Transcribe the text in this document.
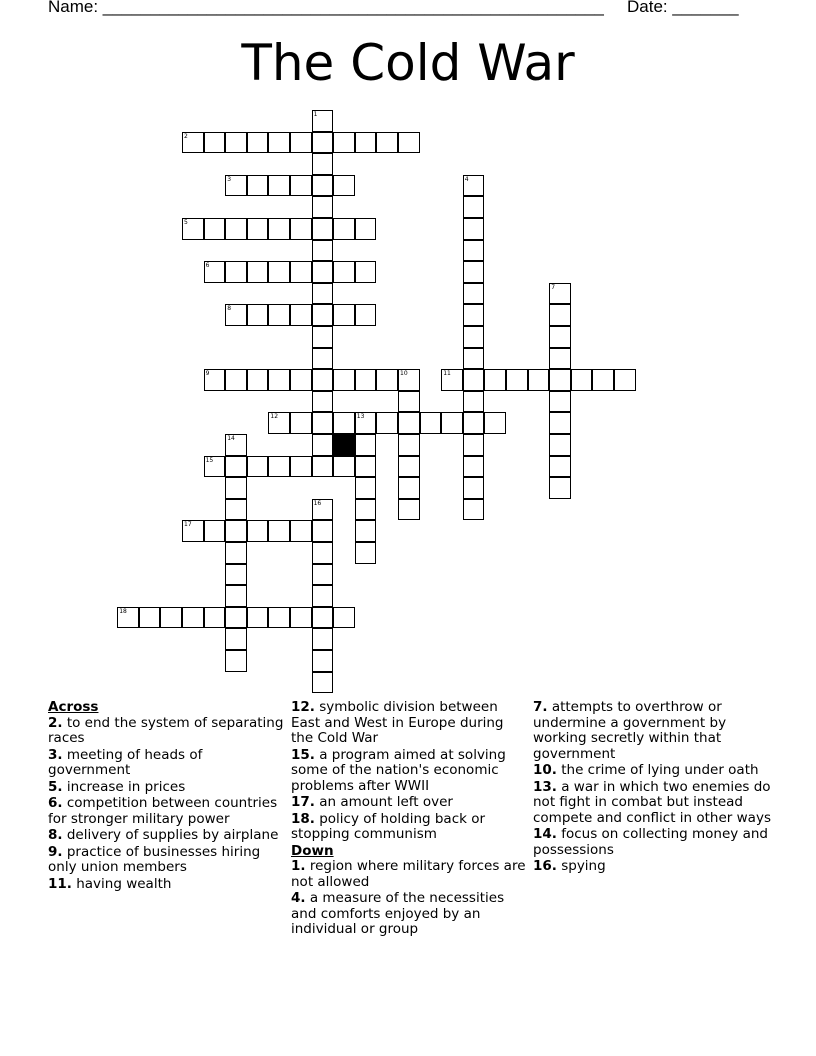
Name: _____________________________________________________ Date: _______
The Cold War
1
2
3	4
5
6
7
8
9	10	11
12	13
14
15
16
17
18
Across
2. to end the system of separating races
3. meeting of heads of government
5. increase in prices
6. competition between countries for stronger military power
8. delivery of supplies by airplane
9. practice of businesses hiring only union members
11. having wealth
12. symbolic division between East and West in Europe during the Cold War
15. a program aimed at solving some of the nation's economic problems after WWII
17. an amount left over
18. policy of holding back or stopping communism
Down
1. region where military forces are not allowed
4. a measure of the necessities and comforts enjoyed by an individual or group
7. attempts to overthrow or undermine a government by working secretly within that government
10. the crime of lying under oath
13. a war in which two enemies do not fight in combat but instead compete and conflict in other ways
14. focus on collecting money and possessions
16. spying
